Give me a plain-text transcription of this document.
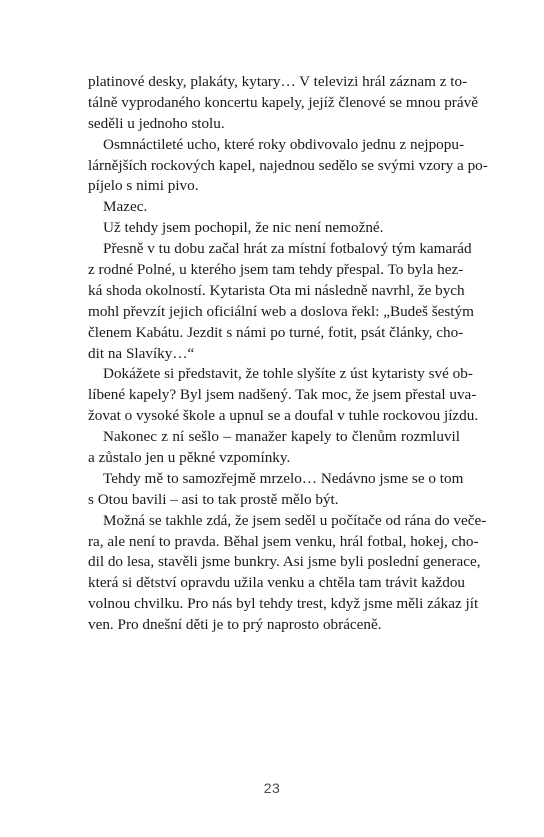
platinové desky, plakáty, kytary… V televizi hrál záznam z to-
tálně vyprodaného koncertu kapely, jejíž členové se mnou právě
seděli u jednoho stolu.
Osmnáctileté ucho, které roky obdivovalo jednu z nejpopu-
lárnějších rockových kapel, najednou sedělo se svými vzory a po-
píjelo s nimi pivo.
Mazec.
Už tehdy jsem pochopil, že nic není nemožné.
Přesně v tu dobu začal hrát za místní fotbalový tým kamarád
z rodné Polné, u kterého jsem tam tehdy přespal. To byla hez-
ká shoda okolností. Kytarista Ota mi následně navrhl, že bych
mohl převzít jejich oficiální web a doslova řekl: „Budeš šestým
členem Kabátu. Jezdit s námi po turné, fotit, psát články, cho-
dit na Slavíky…“
Dokážete si představit, že tohle slyšíte z úst kytaristy své ob-
líbené kapely? Byl jsem nadšený. Tak moc, že jsem přestal uva-
žovat o vysoké škole a upnul se a doufal v tuhle rockovou jízdu.
Nakonec z ní sešlo – manažer kapely to členům rozmluvil
a zůstalo jen u pěkné vzpomínky.
Tehdy mě to samozřejmě mrzelo… Nedávno jsme se o tom
s Otou bavili – asi to tak prostě mělo být.
Možná se takhle zdá, že jsem seděl u počítače od rána do veče-
ra, ale není to pravda. Běhal jsem venku, hrál fotbal, hokej, cho-
dil do lesa, stavěli jsme bunkry. Asi jsme byli poslední generace,
která si dětství opravdu užila venku a chtěla tam trávit každou
volnou chvilku. Pro nás byl tehdy trest, když jsme měli zákaz jít
ven. Pro dnešní děti je to prý naprosto obráceně.
23
